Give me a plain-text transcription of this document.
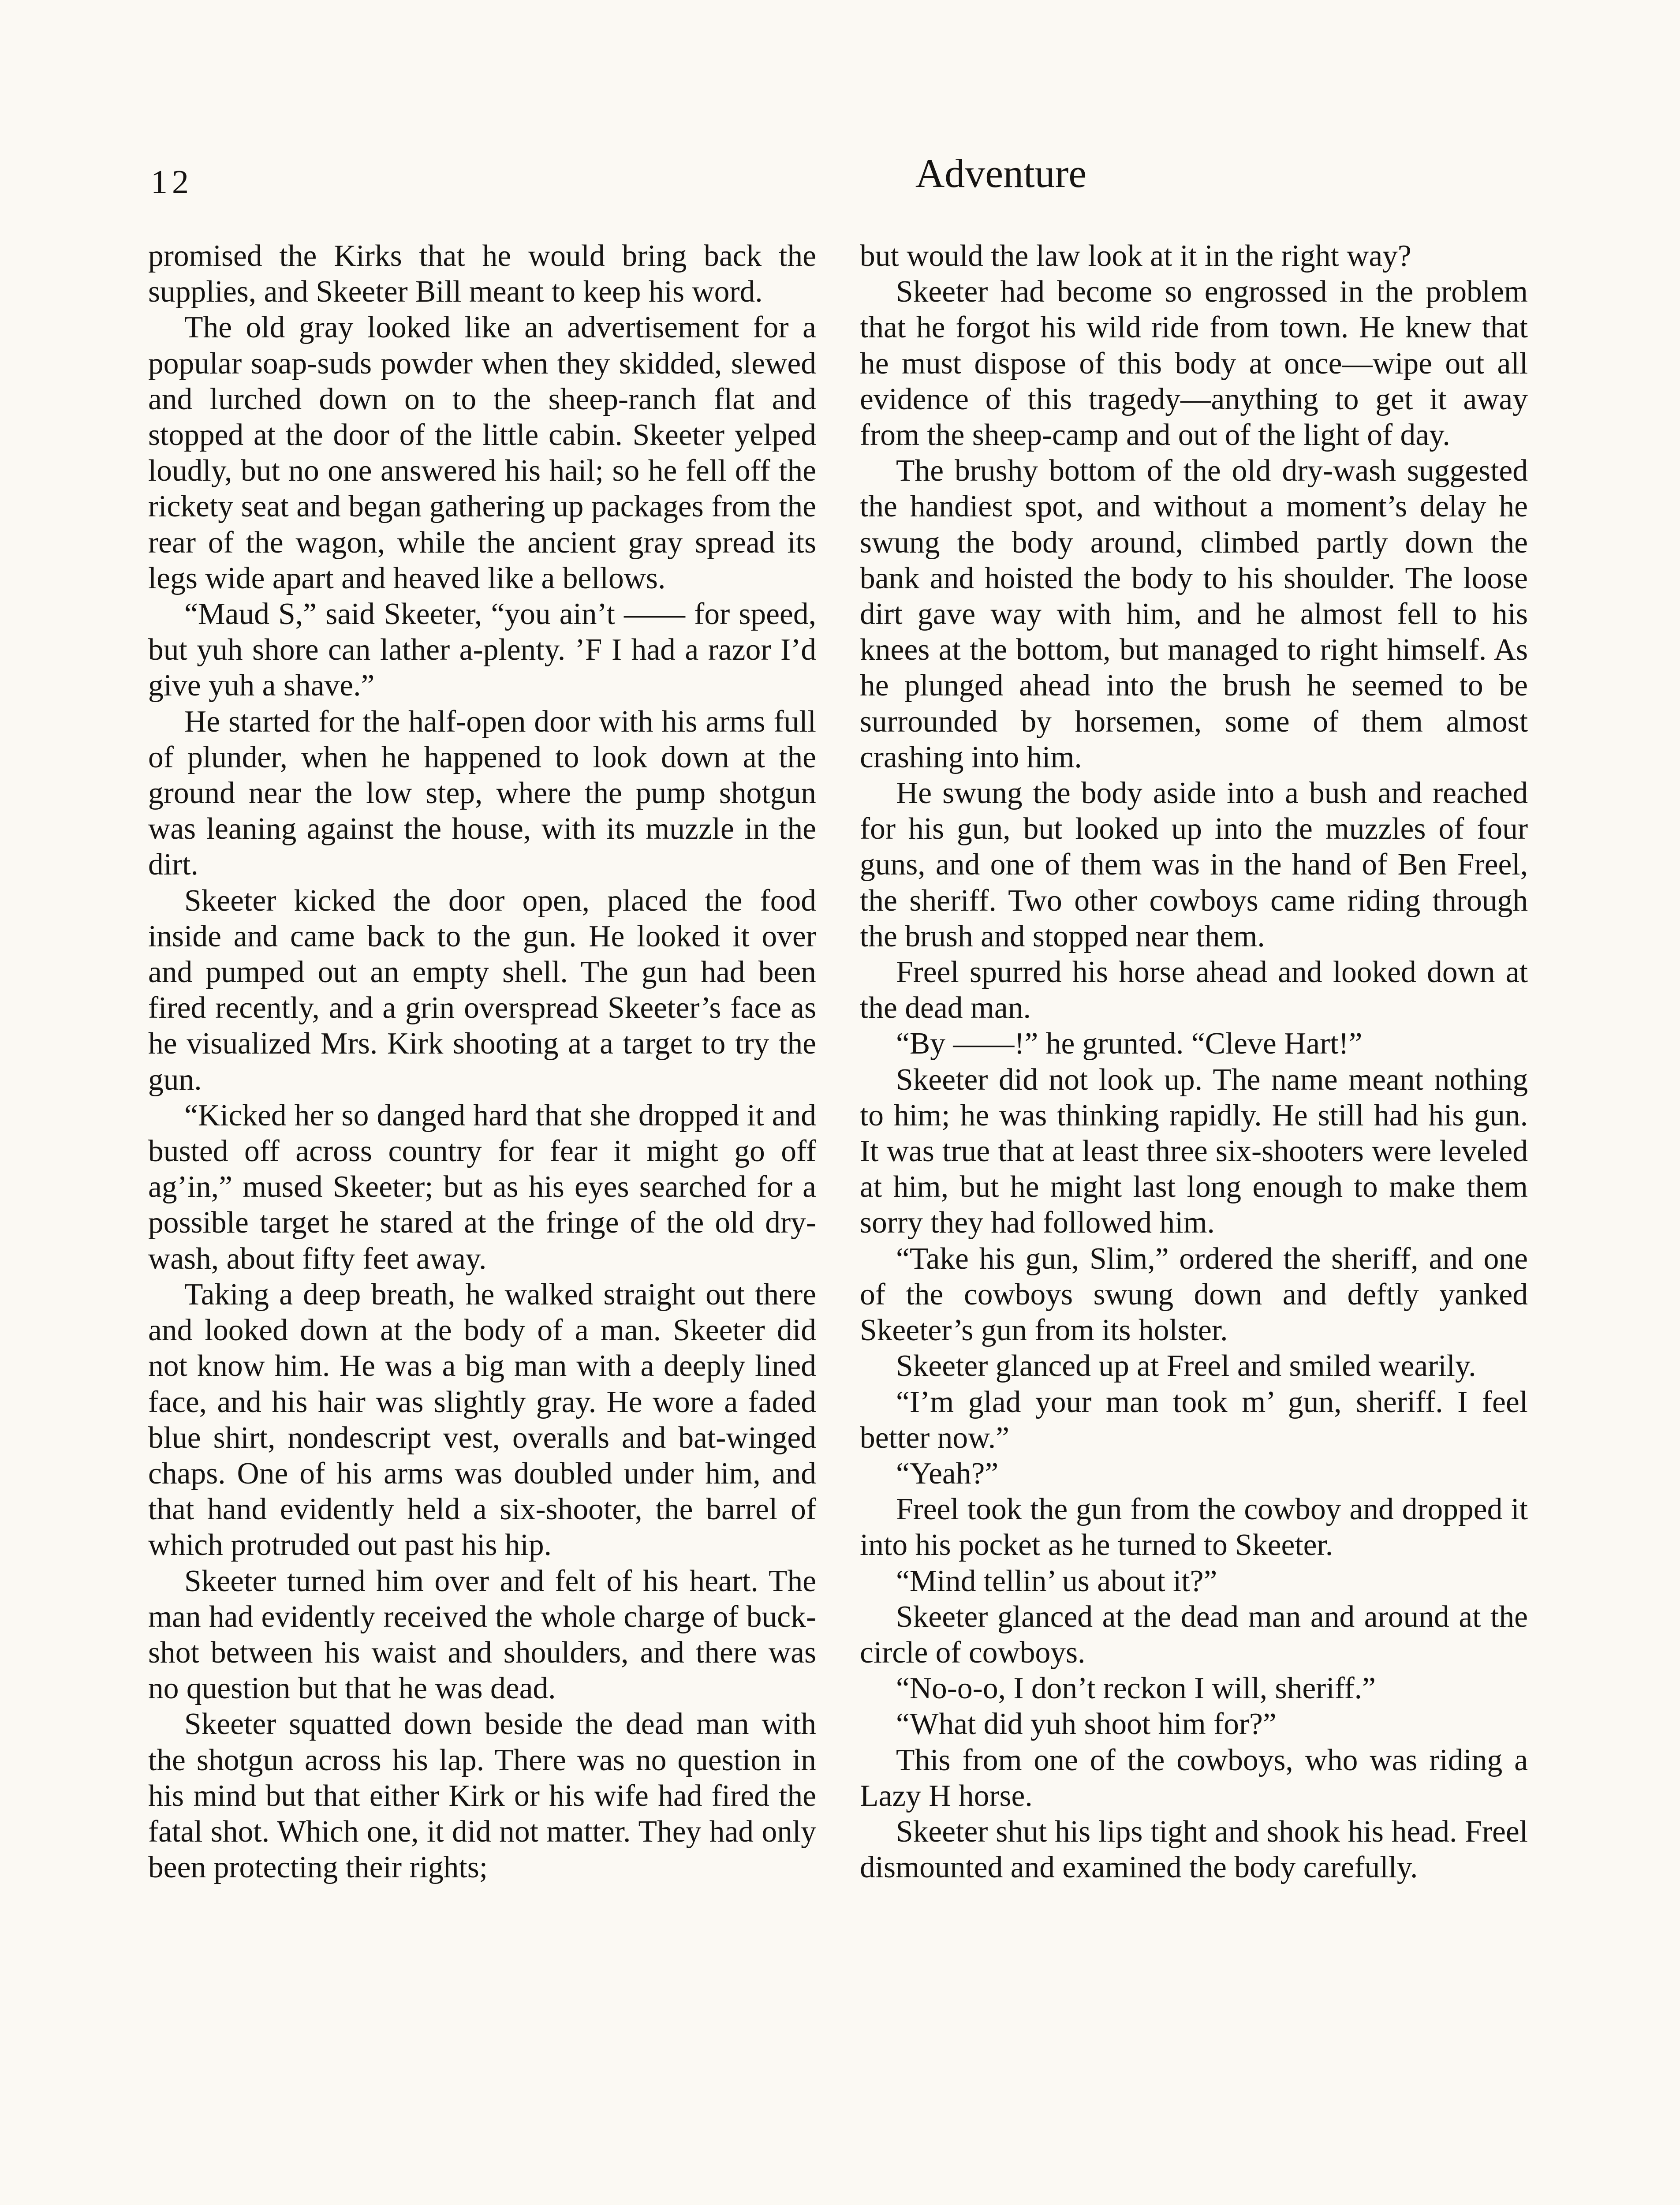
12	Adventure

promised the Kirks that he would bring back the supplies, and Skeeter Bill meant to keep his word.

The old gray looked like an advertisement for a popular soap-suds powder when they skidded, slewed and lurched down on to the sheep-ranch flat and stopped at the door of the little cabin. Skeeter yelped loudly, but no one answered his hail; so he fell off the rickety seat and began gathering up packages from the rear of the wagon, while the ancient gray spread its legs wide apart and heaved like a bellows.

“Maud S,” said Skeeter, “you ain’t —— for speed, but yuh shore can lather a-plenty. ’F I had a razor I’d give yuh a shave.”

He started for the half-open door with his arms full of plunder, when he happened to look down at the ground near the low step, where the pump shotgun was leaning against the house, with its muzzle in the dirt.

Skeeter kicked the door open, placed the food inside and came back to the gun. He looked it over and pumped out an empty shell. The gun had been fired recently, and a grin overspread Skeeter’s face as he visualized Mrs. Kirk shooting at a target to try the gun.

“Kicked her so danged hard that she dropped it and busted off across country for fear it might go off ag’in,” mused Skeeter; but as his eyes searched for a possible target he stared at the fringe of the old dry-wash, about fifty feet away.

Taking a deep breath, he walked straight out there and looked down at the body of a man. Skeeter did not know him. He was a big man with a deeply lined face, and his hair was slightly gray. He wore a faded blue shirt, nondescript vest, overalls and bat-winged chaps. One of his arms was doubled under him, and that hand evidently held a six-shooter, the barrel of which protruded out past his hip.

Skeeter turned him over and felt of his heart. The man had evidently received the whole charge of buck-shot between his waist and shoulders, and there was no question but that he was dead.

Skeeter squatted down beside the dead man with the shotgun across his lap. There was no question in his mind but that either Kirk or his wife had fired the fatal shot. Which one, it did not matter. They had only been protecting their rights;

but would the law look at it in the right way?

Skeeter had become so engrossed in the problem that he forgot his wild ride from town. He knew that he must dispose of this body at once—wipe out all evidence of this tragedy—anything to get it away from the sheep-camp and out of the light of day.

The brushy bottom of the old dry-wash suggested the handiest spot, and without a moment’s delay he swung the body around, climbed partly down the bank and hoisted the body to his shoulder. The loose dirt gave way with him, and he almost fell to his knees at the bottom, but managed to right himself. As he plunged ahead into the brush he seemed to be surrounded by horsemen, some of them almost crashing into him.

He swung the body aside into a bush and reached for his gun, but looked up into the muzzles of four guns, and one of them was in the hand of Ben Freel, the sheriff. Two other cowboys came riding through the brush and stopped near them.

Freel spurred his horse ahead and looked down at the dead man.

“By ——!” he grunted. “Cleve Hart!”

Skeeter did not look up. The name meant nothing to him; he was thinking rapidly. He still had his gun. It was true that at least three six-shooters were leveled at him, but he might last long enough to make them sorry they had followed him.

“Take his gun, Slim,” ordered the sheriff, and one of the cowboys swung down and deftly yanked Skeeter’s gun from its holster.

Skeeter glanced up at Freel and smiled wearily.

“I’m glad your man took m’ gun, sheriff. I feel better now.”

“Yeah?”

Freel took the gun from the cowboy and dropped it into his pocket as he turned to Skeeter.

“Mind tellin’ us about it?”

Skeeter glanced at the dead man and around at the circle of cowboys.

“No-o-o, I don’t reckon I will, sheriff.”

“What did yuh shoot him for?”

This from one of the cowboys, who was riding a Lazy H horse.

Skeeter shut his lips tight and shook his head. Freel dismounted and examined the body carefully.
